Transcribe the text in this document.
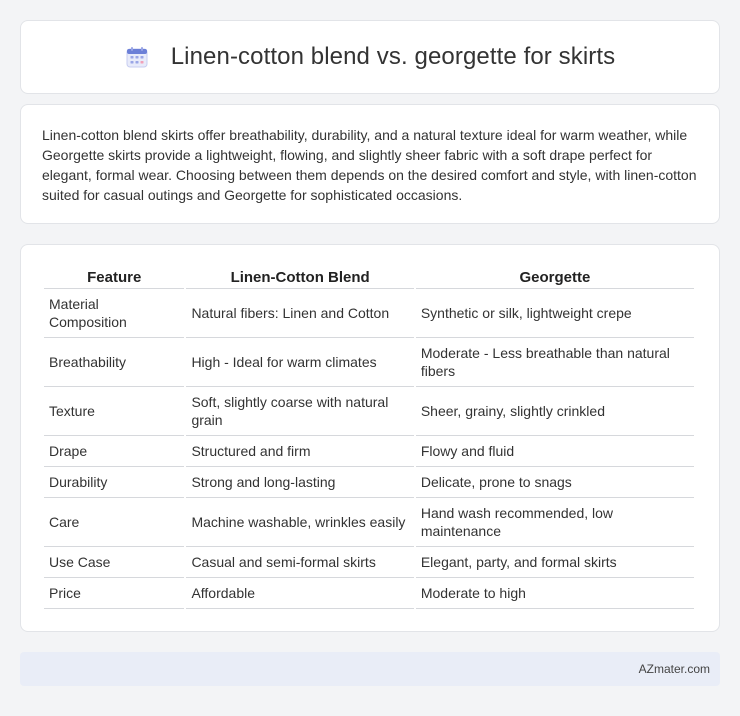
Linen-cotton blend vs. georgette for skirts

Linen-cotton blend skirts offer breathability, durability, and a natural texture ideal for warm weather, while Georgette skirts provide a lightweight, flowing, and slightly sheer fabric with a soft drape perfect for elegant, formal wear. Choosing between them depends on the desired comfort and style, with linen-cotton suited for casual outings and Georgette for sophisticated occasions.

Feature	Linen-Cotton Blend	Georgette
Material Composition	Natural fibers: Linen and Cotton	Synthetic or silk, lightweight crepe
Breathability	High - Ideal for warm climates	Moderate - Less breathable than natural fibers
Texture	Soft, slightly coarse with natural grain	Sheer, grainy, slightly crinkled
Drape	Structured and firm	Flowy and fluid
Durability	Strong and long-lasting	Delicate, prone to snags
Care	Machine washable, wrinkles easily	Hand wash recommended, low maintenance
Use Case	Casual and semi-formal skirts	Elegant, party, and formal skirts
Price	Affordable	Moderate to high
AZmater.com
